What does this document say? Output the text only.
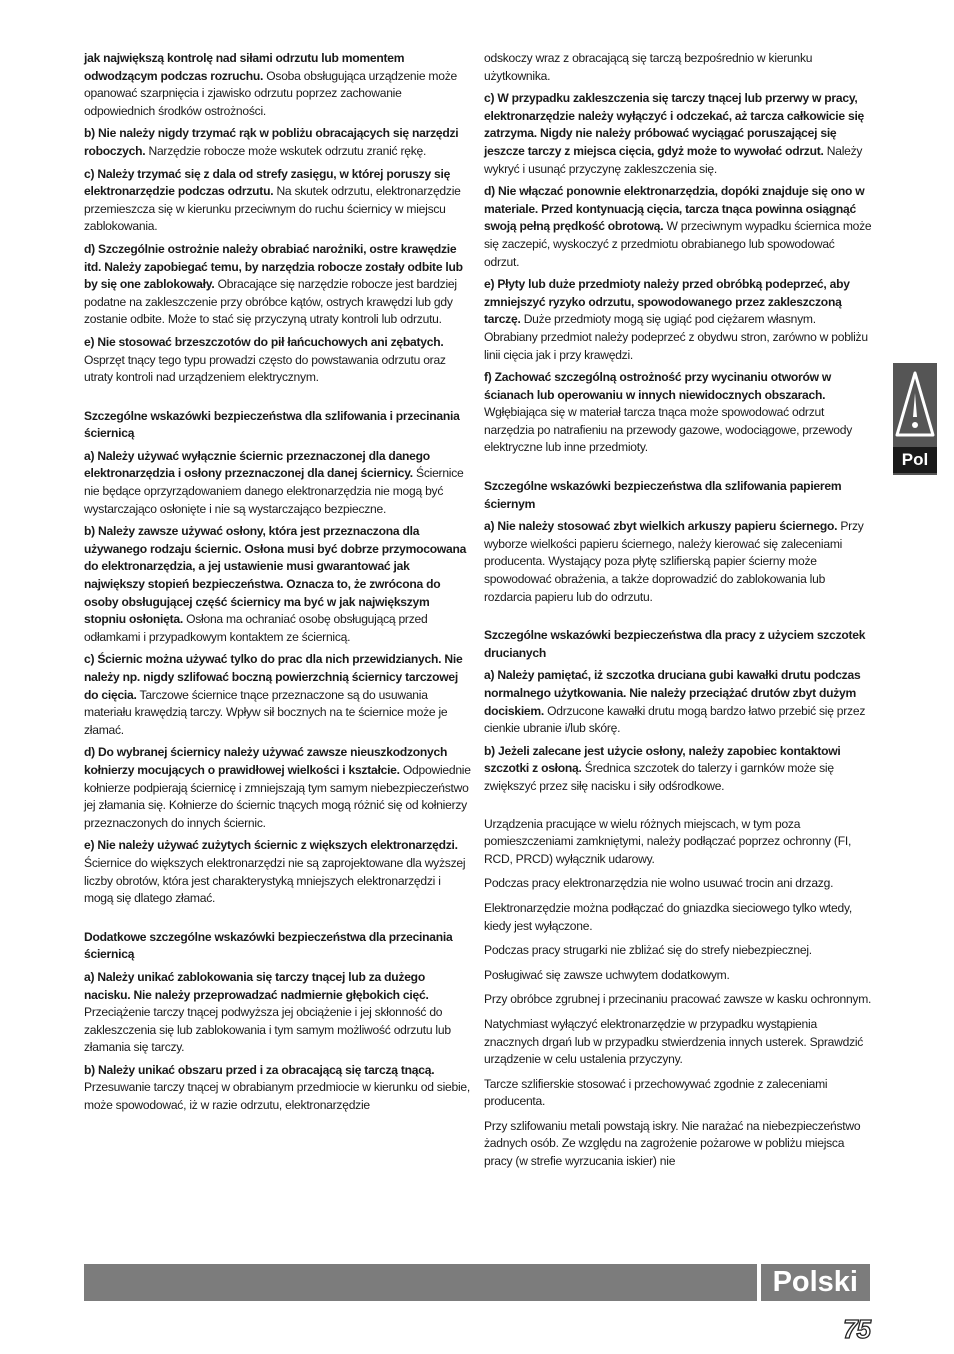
jak największą kontrolę nad siłami odrzutu lub momentem odwodzącym podczas rozruchu. Osoba obsługująca urządzenie może opanować szarpnięcia i zjawisko odrzutu poprzez zachowanie odpowiednich środków ostrożności.

b) Nie należy nigdy trzymać rąk w pobliżu obracających się narzędzi roboczych. Narzędzie robocze może wskutek odrzutu zranić rękę.

c) Należy trzymać się z dala od strefy zasięgu, w której poruszy się elektronarzędzie podczas odrzutu. Na skutek odrzutu, elektronarzędzie przemieszcza się w kierunku przeciwnym do ruchu ściernicy w miejscu zablokowania.

d) Szczególnie ostrożnie należy obrabiać narożniki, ostre krawędzie itd. Należy zapobiegać temu, by narzędzia robocze zostały odbite lub by się one zablokowały. Obracające się narzędzie robocze jest bardziej podatne na zakleszczenie przy obróbce kątów, ostrych krawędzi lub gdy zostanie odbite. Może to stać się przyczyną utraty kontroli lub odrzutu.

e) Nie stosować brzeszczotów do pił łańcuchowych ani zębatych. Osprzęt tnący tego typu prowadzi często do powstawania odrzutu oraz utraty kontroli nad urządzeniem elektrycznym.

Szczególne wskazówki bezpieczeństwa dla szlifowania i przecinania ściernicą

a) Należy używać wyłącznie ściernic przeznaczonej dla danego elektronarzędzia i osłony przeznaczonej dla danej ściernicy. Ściernice nie będące oprzyrządowaniem danego elektronarzędzia nie mogą być wystarczająco osłonięte i nie są wystarczająco bezpieczne.

b) Należy zawsze używać osłony, która jest przeznaczona dla używanego rodzaju ściernic. Osłona musi być dobrze przymocowana do elektronarzędzia, a jej ustawienie musi gwarantować jak największy stopień bezpieczeństwa. Oznacza to, że zwrócona do osoby obsługującej część ściernicy ma być w jak największym stopniu osłonięta. Osłona ma ochraniać osobę obsługującą przed odłamkami i przypadkowym kontaktem ze ściernicą.

c) Ściernic można używać tylko do prac dla nich przewidzianych. Nie należy np. nigdy szlifować boczną powierzchnią ściernicy tarczowej do cięcia. Tarczowe ściernice tnące przeznaczone są do usuwania materiału krawędzią tarczy. Wpływ sił bocznych na te ściernice może je złamać.

d) Do wybranej ściernicy należy używać zawsze nieuszkodzonych kołnierzy mocujących o prawidłowej wielkości i kształcie. Odpowiednie kołnierze podpierają ściernicę i zmniejszają tym samym niebezpieczeństwo jej złamania się. Kołnierze do ściernic tnących mogą różnić się od kołnierzy przeznaczonych do innych ściernic.

e) Nie należy używać zużytych ściernic z większych elektronarzędzi. Ściernice do większych elektronarzędzi nie są zaprojektowane dla wyższej liczby obrotów, która jest charakterystyką mniejszych elektronarzędzi i mogą się dlatego złamać.

Dodatkowe szczególne wskazówki bezpieczeństwa dla przecinania ściernicą

a) Należy unikać zablokowania się tarczy tnącej lub za dużego nacisku. Nie należy przeprowadzać nadmiernie głębokich cięć. Przeciążenie tarczy tnącej podwyższa jej obciążenie i jej skłonność do zakleszczenia się lub zablokowania i tym samym możliwość odrzutu lub złamania się tarczy.

b) Należy unikać obszaru przed i za obracającą się tarczą tnącą. Przesuwanie tarczy tnącej w obrabianym przedmiocie w kierunku od siebie, może spowodować, iż w razie odrzutu, elektronarzędzie

odskoczy wraz z obracającą się tarczą bezpośrednio w kierunku użytkownika.

c) W przypadku zakleszczenia się tarczy tnącej lub przerwy w pracy, elektronarzędzie należy wyłączyć i odczekać, aż tarcza całkowicie się zatrzyma. Nigdy nie należy próbować wyciągać poruszającej się jeszcze tarczy z miejsca cięcia, gdyż może to wywołać odrzut. Należy wykryć i usunąć przyczynę zakleszczenia się.

d) Nie włączać ponownie elektronarzędzia, dopóki znajduje się ono w materiale. Przed kontynuacją cięcia, tarcza tnąca powinna osiągnąć swoją pełną prędkość obrotową. W przeciwnym wypadku ściernica może się zaczepić, wyskoczyć z przedmiotu obrabianego lub spowodować odrzut.

e) Płyty lub duże przedmioty należy przed obróbką podeprzeć, aby zmniejszyć ryzyko odrzutu, spowodowanego przez zakleszczoną tarczę. Duże przedmioty mogą się ugiąć pod ciężarem własnym. Obrabiany przedmiot należy podeprzeć z obydwu stron, zarówno w pobliżu linii cięcia jak i przy krawędzi.

f) Zachować szczególną ostrożność przy wycinaniu otworów w ścianach lub operowaniu w innych niewidocznych obszarach. Wgłębiająca się w materiał tarcza tnąca może spowodować odrzut narzędzia po natrafieniu na przewody gazowe, wodociągowe, przewody elektryczne lub inne przedmioty.

Szczególne wskazówki bezpieczeństwa dla szlifowania papierem ściernym

a) Nie należy stosować zbyt wielkich arkuszy papieru ściernego. Przy wyborze wielkości papieru ściernego, należy kierować się zaleceniami producenta. Wystający poza płytę szlifierską papier ścierny może spowodować obrażenia, a także doprowadzić do zablokowania lub rozdarcia papieru lub do odrzutu.

Szczególne wskazówki bezpieczeństwa dla pracy z użyciem szczotek drucianych

a) Należy pamiętać, iż szczotka druciana gubi kawałki drutu podczas normalnego użytkowania. Nie należy przeciążać drutów zbyt dużym dociskiem. Odrzucone kawałki drutu mogą bardzo łatwo przebić się przez cienkie ubranie i/lub skórę.

b) Jeżeli zalecane jest użycie osłony, należy zapobiec kontaktowi szczotki z osłoną. Średnica szczotek do talerzy i garnków może się zwiększyć przez siłę nacisku i siły odśrodkowe.

Urządzenia pracujące w wielu różnych miejscach, w tym poza pomieszczeniami zamkniętymi, należy podłączać poprzez ochronny (FI, RCD, PRCD) wyłącznik udarowy.

Podczas pracy elektronarzędzia nie wolno usuwać trocin ani drzazg.

Elektronarzędzie można podłączać do gniazdka sieciowego tylko wtedy, kiedy jest wyłączone.

Podczas pracy strugarki nie zbliżać się do strefy niebezpiecznej.

Posługiwać się zawsze uchwytem dodatkowym.

Przy obróbce zgrubnej i przecinaniu pracować zawsze w kasku ochronnym.

Natychmiast wyłączyć elektronarzędzie w przypadku wystąpienia znacznych drgań lub w przypadku stwierdzenia innych usterek. Sprawdzić urządzenie w celu ustalenia przyczyny.

Tarcze szlifierskie stosować i przechowywać zgodnie z zaleceniami producenta.

Przy szlifowaniu metali powstają iskry. Nie narażać na niebezpieczeństwo żadnych osób. Ze względu na zagrożenie pożarowe w pobliżu miejsca pracy (w strefie wyrzucania iskier) nie

Pol
Polski
75
